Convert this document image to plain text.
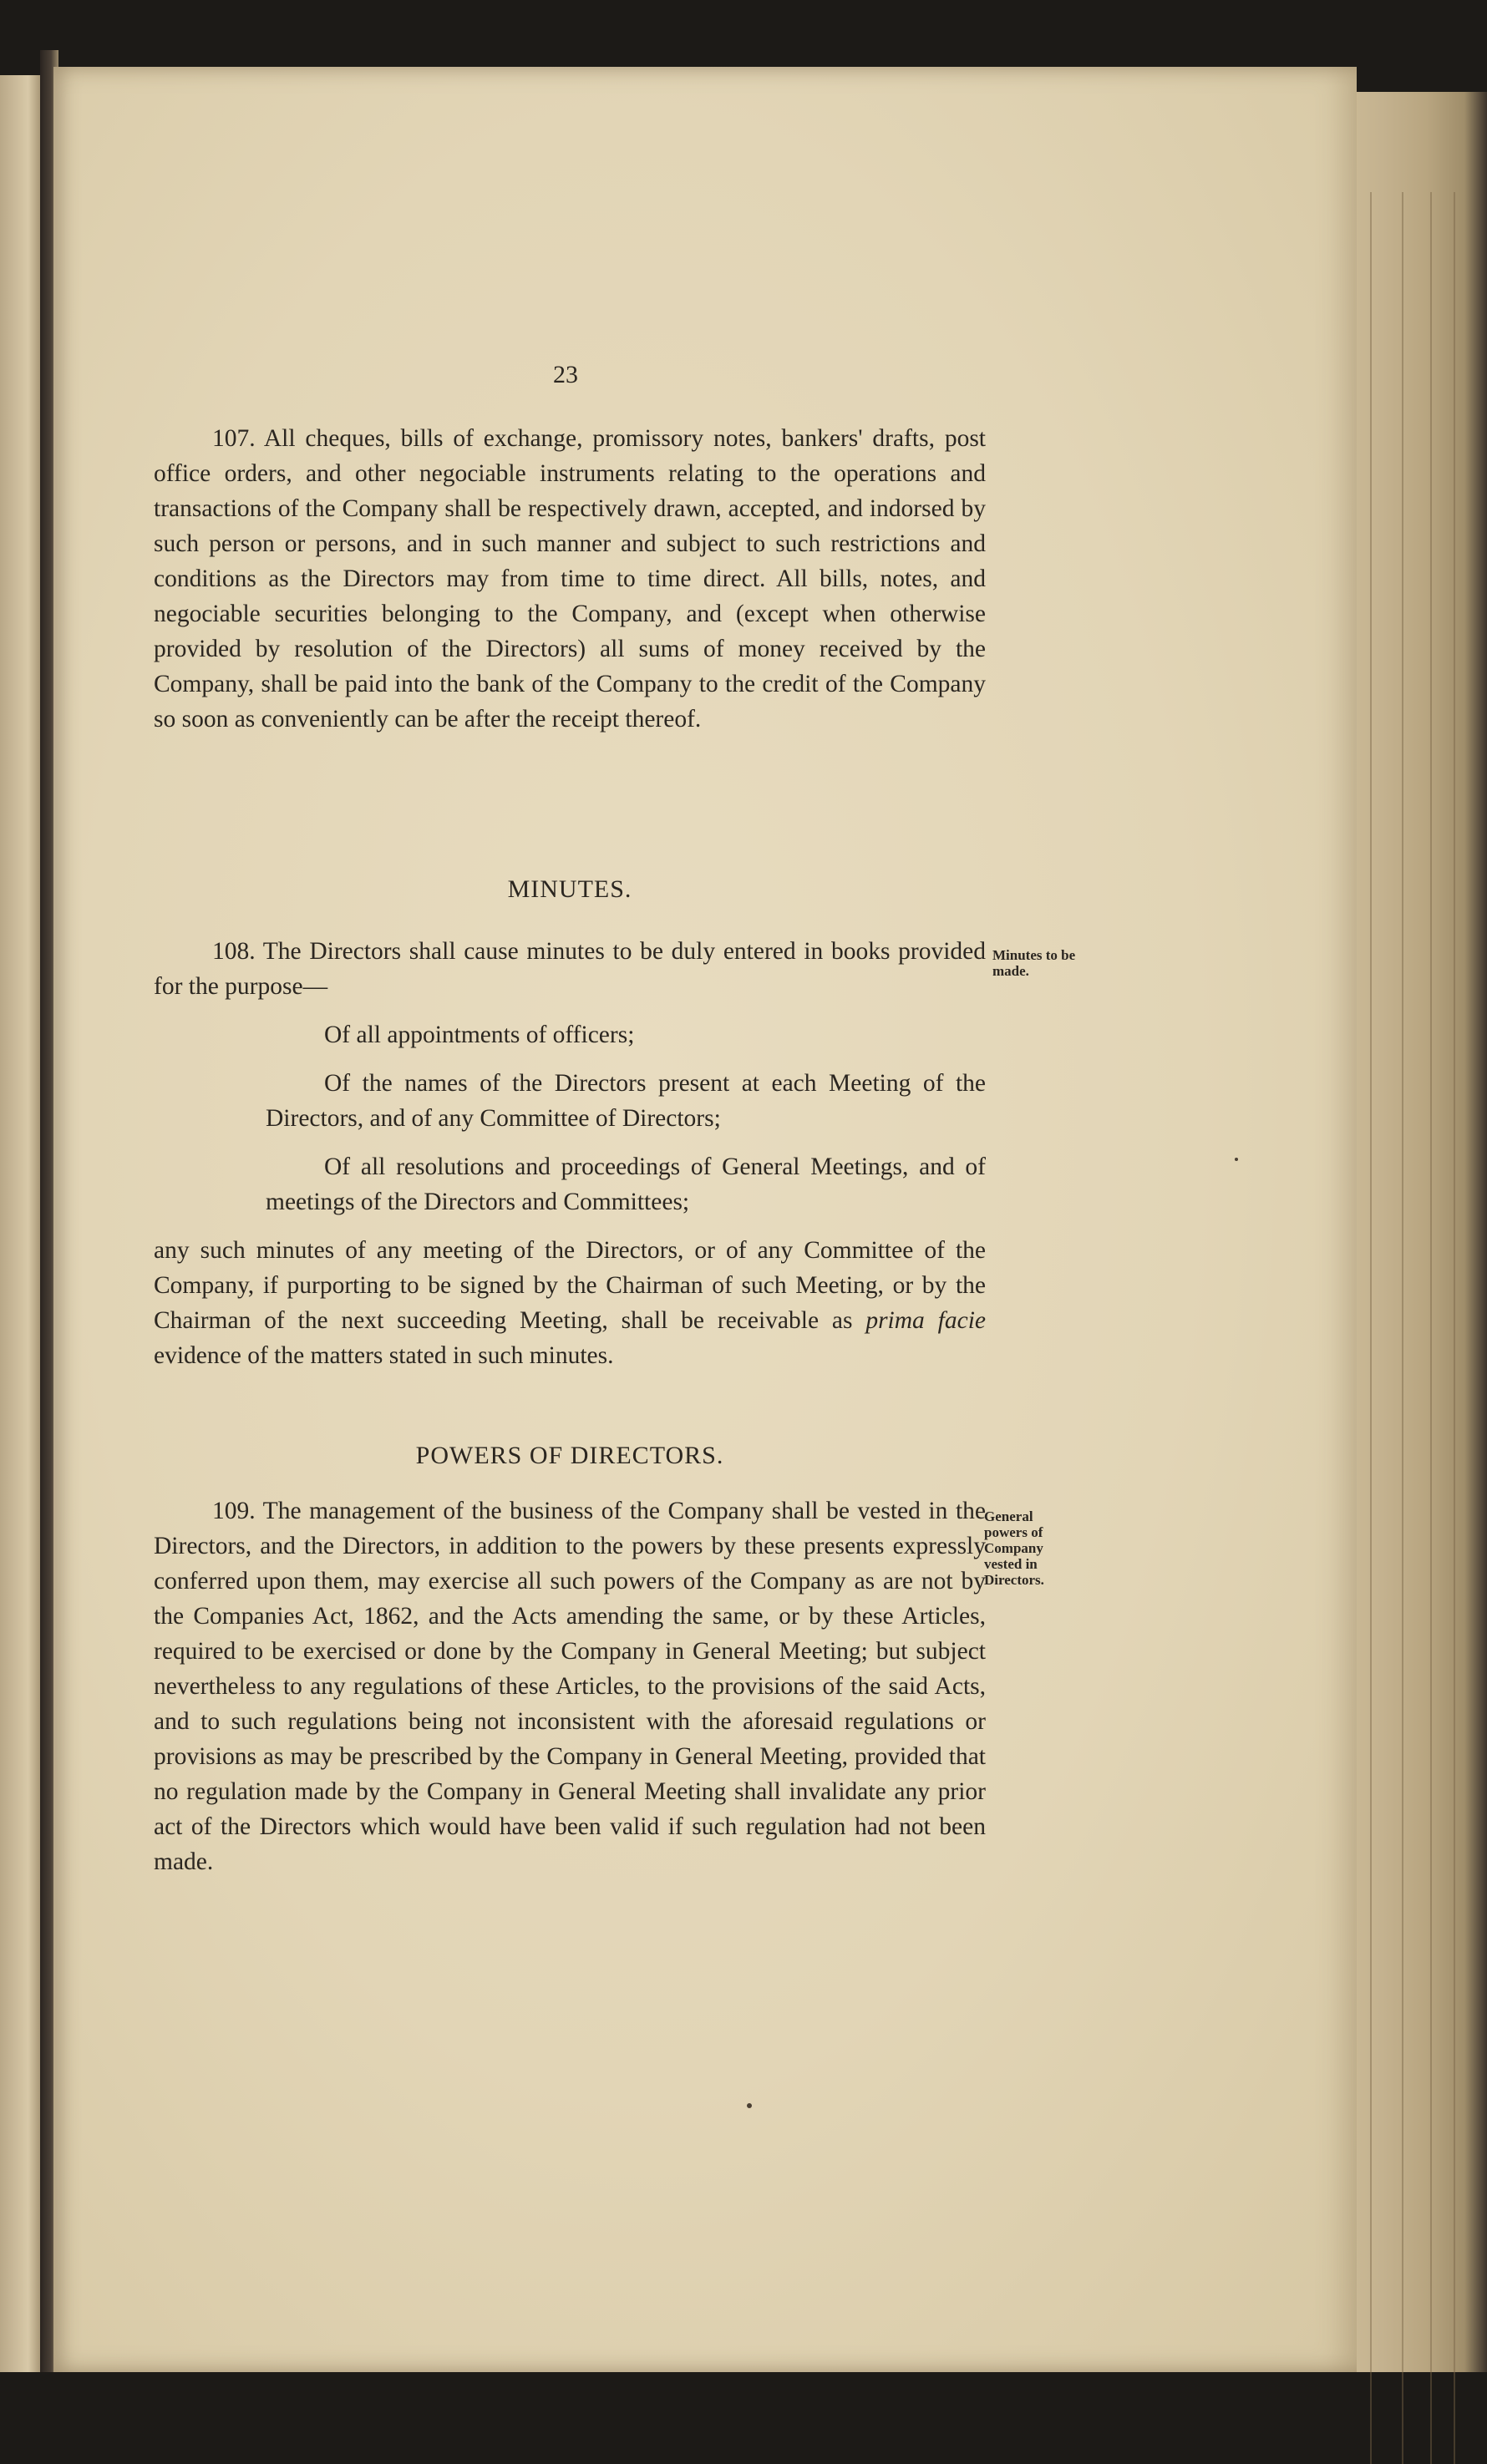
23

107. All cheques, bills of exchange, promissory notes, bankers' drafts, post office orders, and other negociable instruments relating to the operations and transactions of the Company shall be respectively drawn, accepted, and indorsed by such person or persons, and in such manner and subject to such restrictions and conditions as the Directors may from time to time direct. All bills, notes, and negociable securities belonging to the Company, and (except when otherwise provided by resolution of the Directors) all sums of money received by the Company, shall be paid into the bank of the Company to the credit of the Company so soon as conveniently can be after the receipt thereof.

MINUTES.

108. The Directors shall cause minutes to be duly entered in books provided for the purpose—

Of all appointments of officers;

Of the names of the Directors present at each Meeting of the Directors, and of any Committee of Directors;

Of all resolutions and proceedings of General Meetings, and of meetings of the Directors and Committees;

any such minutes of any meeting of the Directors, or of any Committee of the Company, if purporting to be signed by the Chairman of such Meeting, or by the Chairman of the next succeeding Meeting, shall be receivable as prima facie evidence of the matters stated in such minutes.

Minutes to be
made.
POWERS OF DIRECTORS.

109. The management of the business of the Company shall be vested in the Directors, and the Directors, in addition to the powers by these presents expressly conferred upon them, may exercise all such powers of the Company as are not by the Companies Act, 1862, and the Acts amending the same, or by these Articles, required to be exercised or done by the Company in General Meeting; but subject nevertheless to any regulations of these Articles, to the provisions of the said Acts, and to such regulations being not inconsistent with the aforesaid regulations or provisions as may be prescribed by the Company in General Meeting, provided that no regulation made by the Company in General Meeting shall invalidate any prior act of the Directors which would have been valid if such regulation had not been made.

General
powers of
Company
vested in
Directors.
